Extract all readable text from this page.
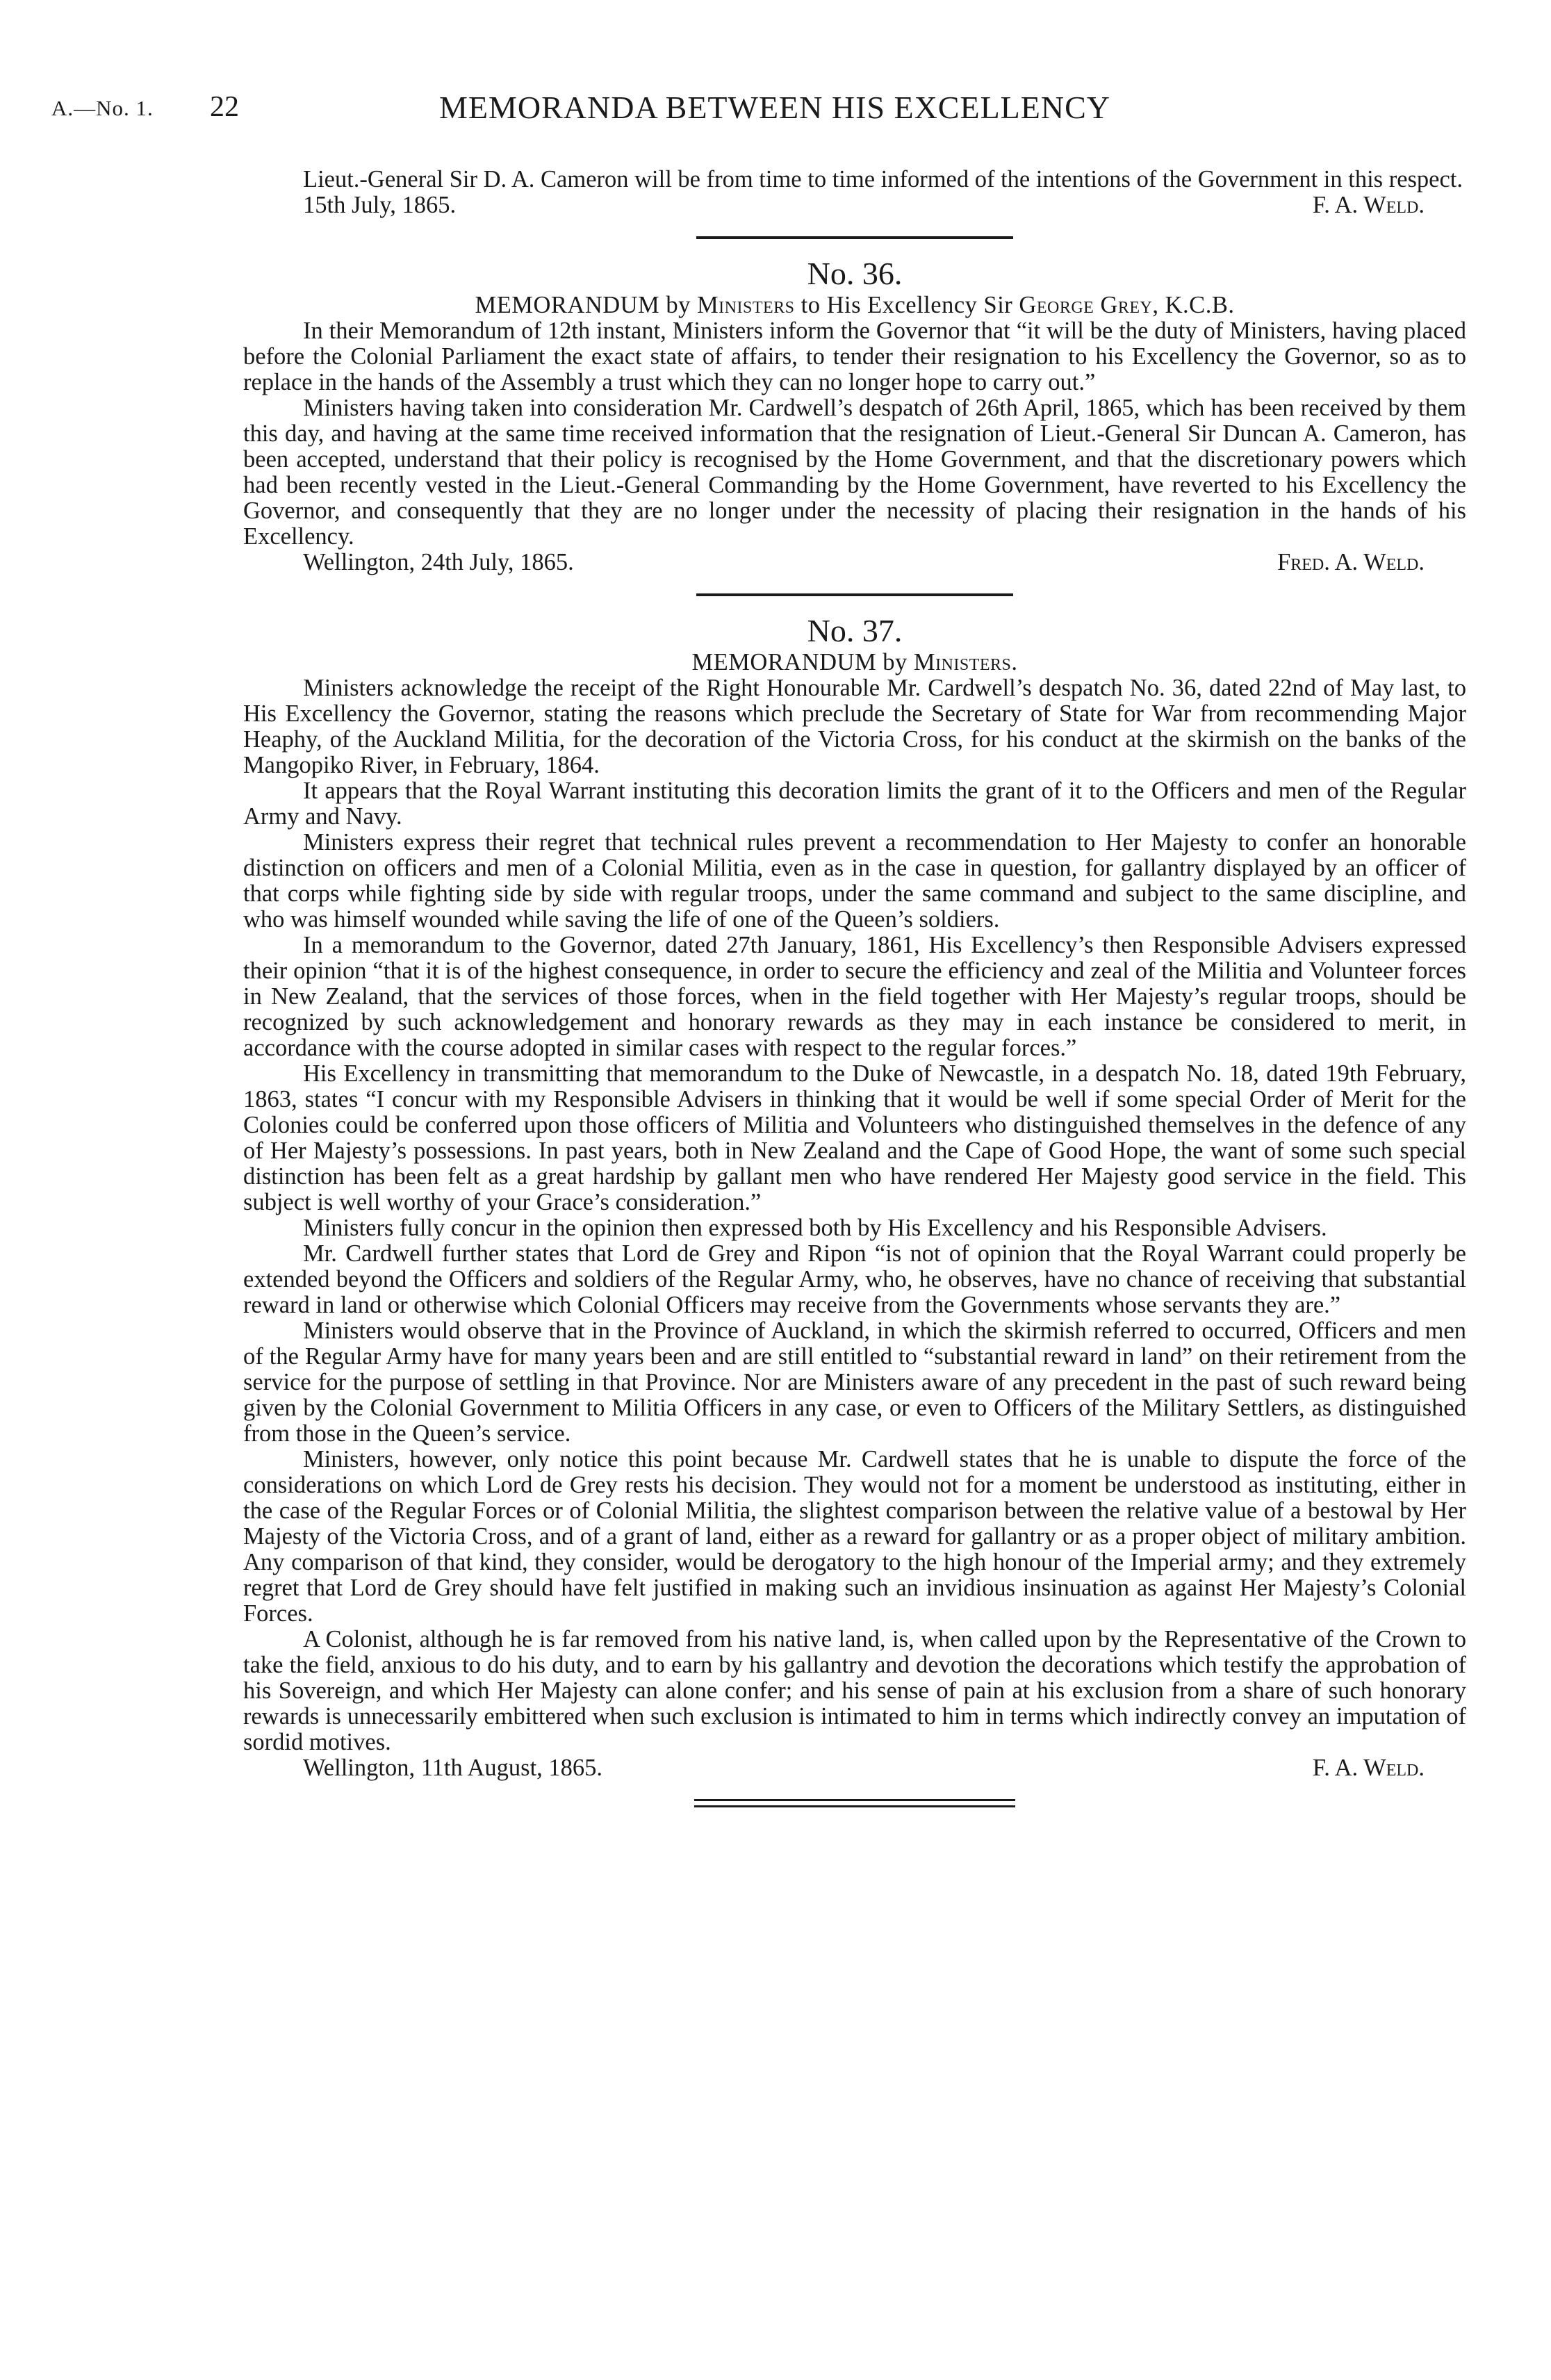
A.—No. 1. 22	MEMORANDA BETWEEN HIS EXCELLENCY

Lieut.-General Sir D. A. Cameron will be from time to time informed of the intentions of the Government in this respect.

15th July, 1865.	F. A. Weld.
No. 36.
MEMORANDUM by Ministers to His Excellency Sir George Grey, K.C.B.

In their Memorandum of 12th instant, Ministers inform the Governor that “it will be the duty of Ministers, having placed before the Colonial Parliament the exact state of affairs, to tender their resignation to his Excellency the Governor, so as to replace in the hands of the Assembly a trust which they can no longer hope to carry out.”

Ministers having taken into consideration Mr. Cardwell’s despatch of 26th April, 1865, which has been received by them this day, and having at the same time received information that the resignation of Lieut.-General Sir Duncan A. Cameron, has been accepted, understand that their policy is recognised by the Home Government, and that the discretionary powers which had been recently vested in the Lieut.-General Commanding by the Home Government, have reverted to his Excellency the Governor, and consequently that they are no longer under the necessity of placing their resignation in the hands of his Excellency.

Wellington, 24th July, 1865.	Fred. A. Weld.
No. 37.
MEMORANDUM by Ministers.

Ministers acknowledge the receipt of the Right Honourable Mr. Cardwell’s despatch No. 36, dated 22nd of May last, to His Excellency the Governor, stating the reasons which preclude the Secretary of State for War from recommending Major Heaphy, of the Auckland Militia, for the decoration of the Victoria Cross, for his conduct at the skirmish on the banks of the Mangopiko River, in February, 1864.

It appears that the Royal Warrant instituting this decoration limits the grant of it to the Officers and men of the Regular Army and Navy.

Ministers express their regret that technical rules prevent a recommendation to Her Majesty to confer an honorable distinction on officers and men of a Colonial Militia, even as in the case in question, for gallantry displayed by an officer of that corps while fighting side by side with regular troops, under the same command and subject to the same discipline, and who was himself wounded while saving the life of one of the Queen’s soldiers.

In a memorandum to the Governor, dated 27th January, 1861, His Excellency’s then Responsible Advisers expressed their opinion “that it is of the highest consequence, in order to secure the efficiency and zeal of the Militia and Volunteer forces in New Zealand, that the services of those forces, when in the field together with Her Majesty’s regular troops, should be recognized by such acknowledgement and honorary rewards as they may in each instance be considered to merit, in accordance with the course adopted in similar cases with respect to the regular forces.”

His Excellency in transmitting that memorandum to the Duke of Newcastle, in a despatch No. 18, dated 19th February, 1863, states “I concur with my Responsible Advisers in thinking that it would be well if some special Order of Merit for the Colonies could be conferred upon those officers of Militia and Volunteers who distinguished themselves in the defence of any of Her Majesty’s possessions. In past years, both in New Zealand and the Cape of Good Hope, the want of some such special distinction has been felt as a great hardship by gallant men who have rendered Her Majesty good service in the field. This subject is well worthy of your Grace’s consideration.”

Ministers fully concur in the opinion then expressed both by His Excellency and his Responsible Advisers.

Mr. Cardwell further states that Lord de Grey and Ripon “is not of opinion that the Royal Warrant could properly be extended beyond the Officers and soldiers of the Regular Army, who, he observes, have no chance of receiving that substantial reward in land or otherwise which Colonial Officers may receive from the Governments whose servants they are.”

Ministers would observe that in the Province of Auckland, in which the skirmish referred to occurred, Officers and men of the Regular Army have for many years been and are still entitled to “substantial reward in land” on their retirement from the service for the purpose of settling in that Province. Nor are Ministers aware of any precedent in the past of such reward being given by the Colonial Government to Militia Officers in any case, or even to Officers of the Military Settlers, as distinguished from those in the Queen’s service.

Ministers, however, only notice this point because Mr. Cardwell states that he is unable to dispute the force of the considerations on which Lord de Grey rests his decision. They would not for a moment be understood as instituting, either in the case of the Regular Forces or of Colonial Militia, the slightest comparison between the relative value of a bestowal by Her Majesty of the Victoria Cross, and of a grant of land, either as a reward for gallantry or as a proper object of military ambition. Any comparison of that kind, they consider, would be derogatory to the high honour of the Imperial army; and they extremely regret that Lord de Grey should have felt justified in making such an invidious insinuation as against Her Majesty’s Colonial Forces.

A Colonist, although he is far removed from his native land, is, when called upon by the Representative of the Crown to take the field, anxious to do his duty, and to earn by his gallantry and devotion the decorations which testify the approbation of his Sovereign, and which Her Majesty can alone confer; and his sense of pain at his exclusion from a share of such honorary rewards is unnecessarily embittered when such exclusion is intimated to him in terms which indirectly convey an imputation of sordid motives.

Wellington, 11th August, 1865.	F. A. Weld.
